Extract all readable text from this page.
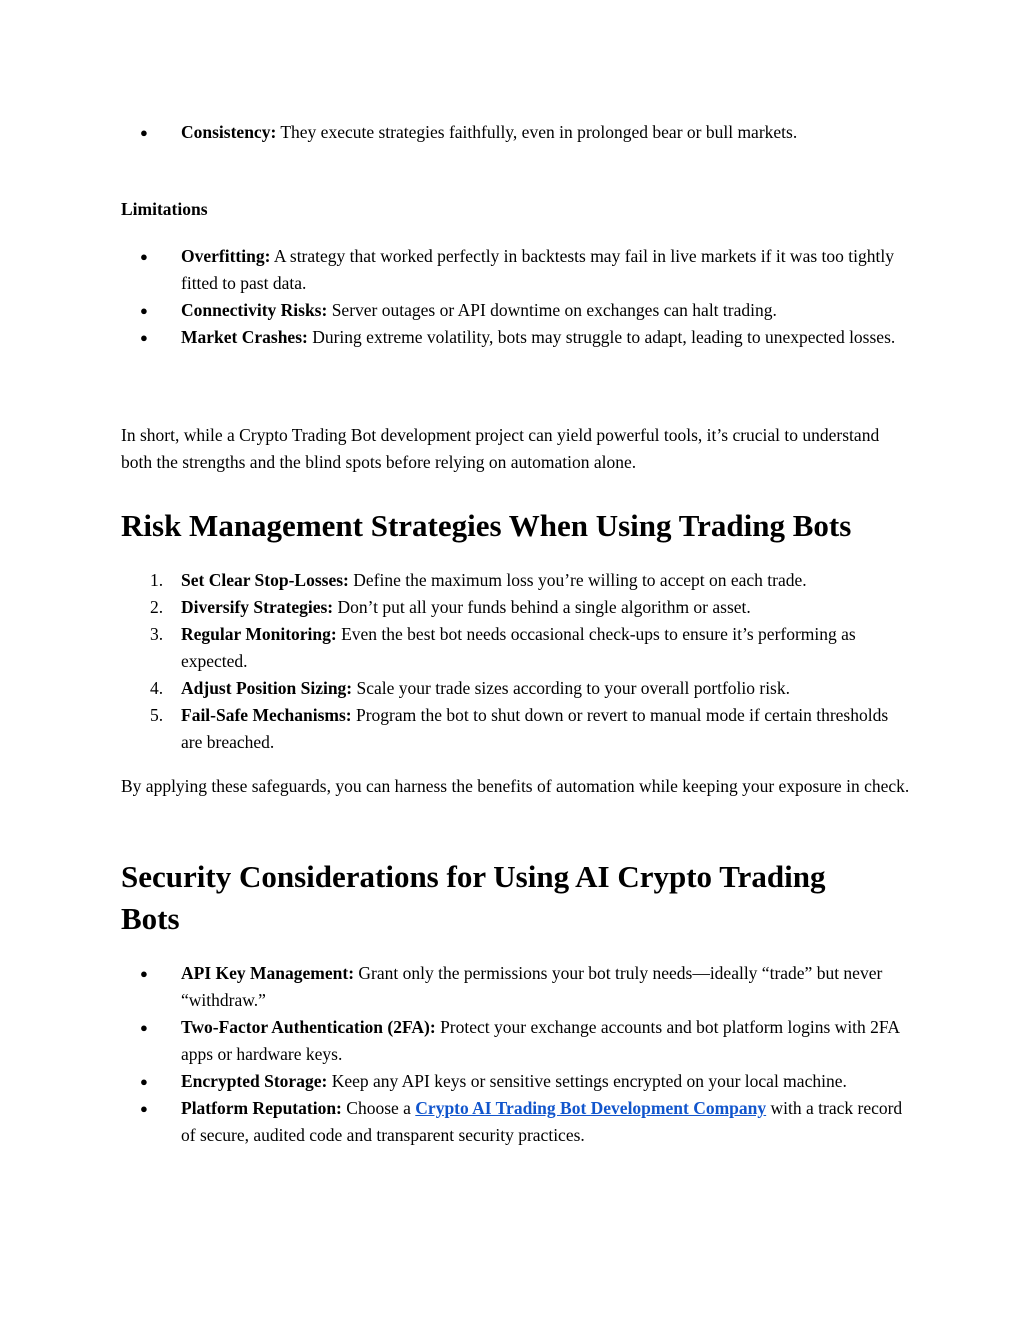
● Consistency: They execute strategies faithfully, even in prolonged bear or bull markets.

Limitations

● Overfitting: A strategy that worked perfectly in backtests may fail in live markets if it was too tightly fitted to past data.
● Connectivity Risks: Server outages or API downtime on exchanges can halt trading.
● Market Crashes: During extreme volatility, bots may struggle to adapt, leading to unexpected losses.

In short, while a Crypto Trading Bot development project can yield powerful tools, it’s crucial to understand both the strengths and the blind spots before relying on automation alone.

Risk Management Strategies When Using Trading Bots
1. Set Clear Stop-Losses: Define the maximum loss you’re willing to accept on each trade.
2. Diversify Strategies: Don’t put all your funds behind a single algorithm or asset.
3. Regular Monitoring: Even the best bot needs occasional check-ups to ensure it’s performing as expected.
4. Adjust Position Sizing: Scale your trade sizes according to your overall portfolio risk.
5. Fail-Safe Mechanisms: Program the bot to shut down or revert to manual mode if certain thresholds are breached.

By applying these safeguards, you can harness the benefits of automation while keeping your exposure in check.

Security Considerations for Using AI Crypto Trading Bots
● API Key Management: Grant only the permissions your bot truly needs—ideally “trade” but never “withdraw.”
● Two-Factor Authentication (2FA): Protect your exchange accounts and bot platform logins with 2FA apps or hardware keys.
● Encrypted Storage: Keep any API keys or sensitive settings encrypted on your local machine.
● Platform Reputation: Choose a Crypto AI Trading Bot Development Company with a track record of secure, audited code and transparent security practices.
